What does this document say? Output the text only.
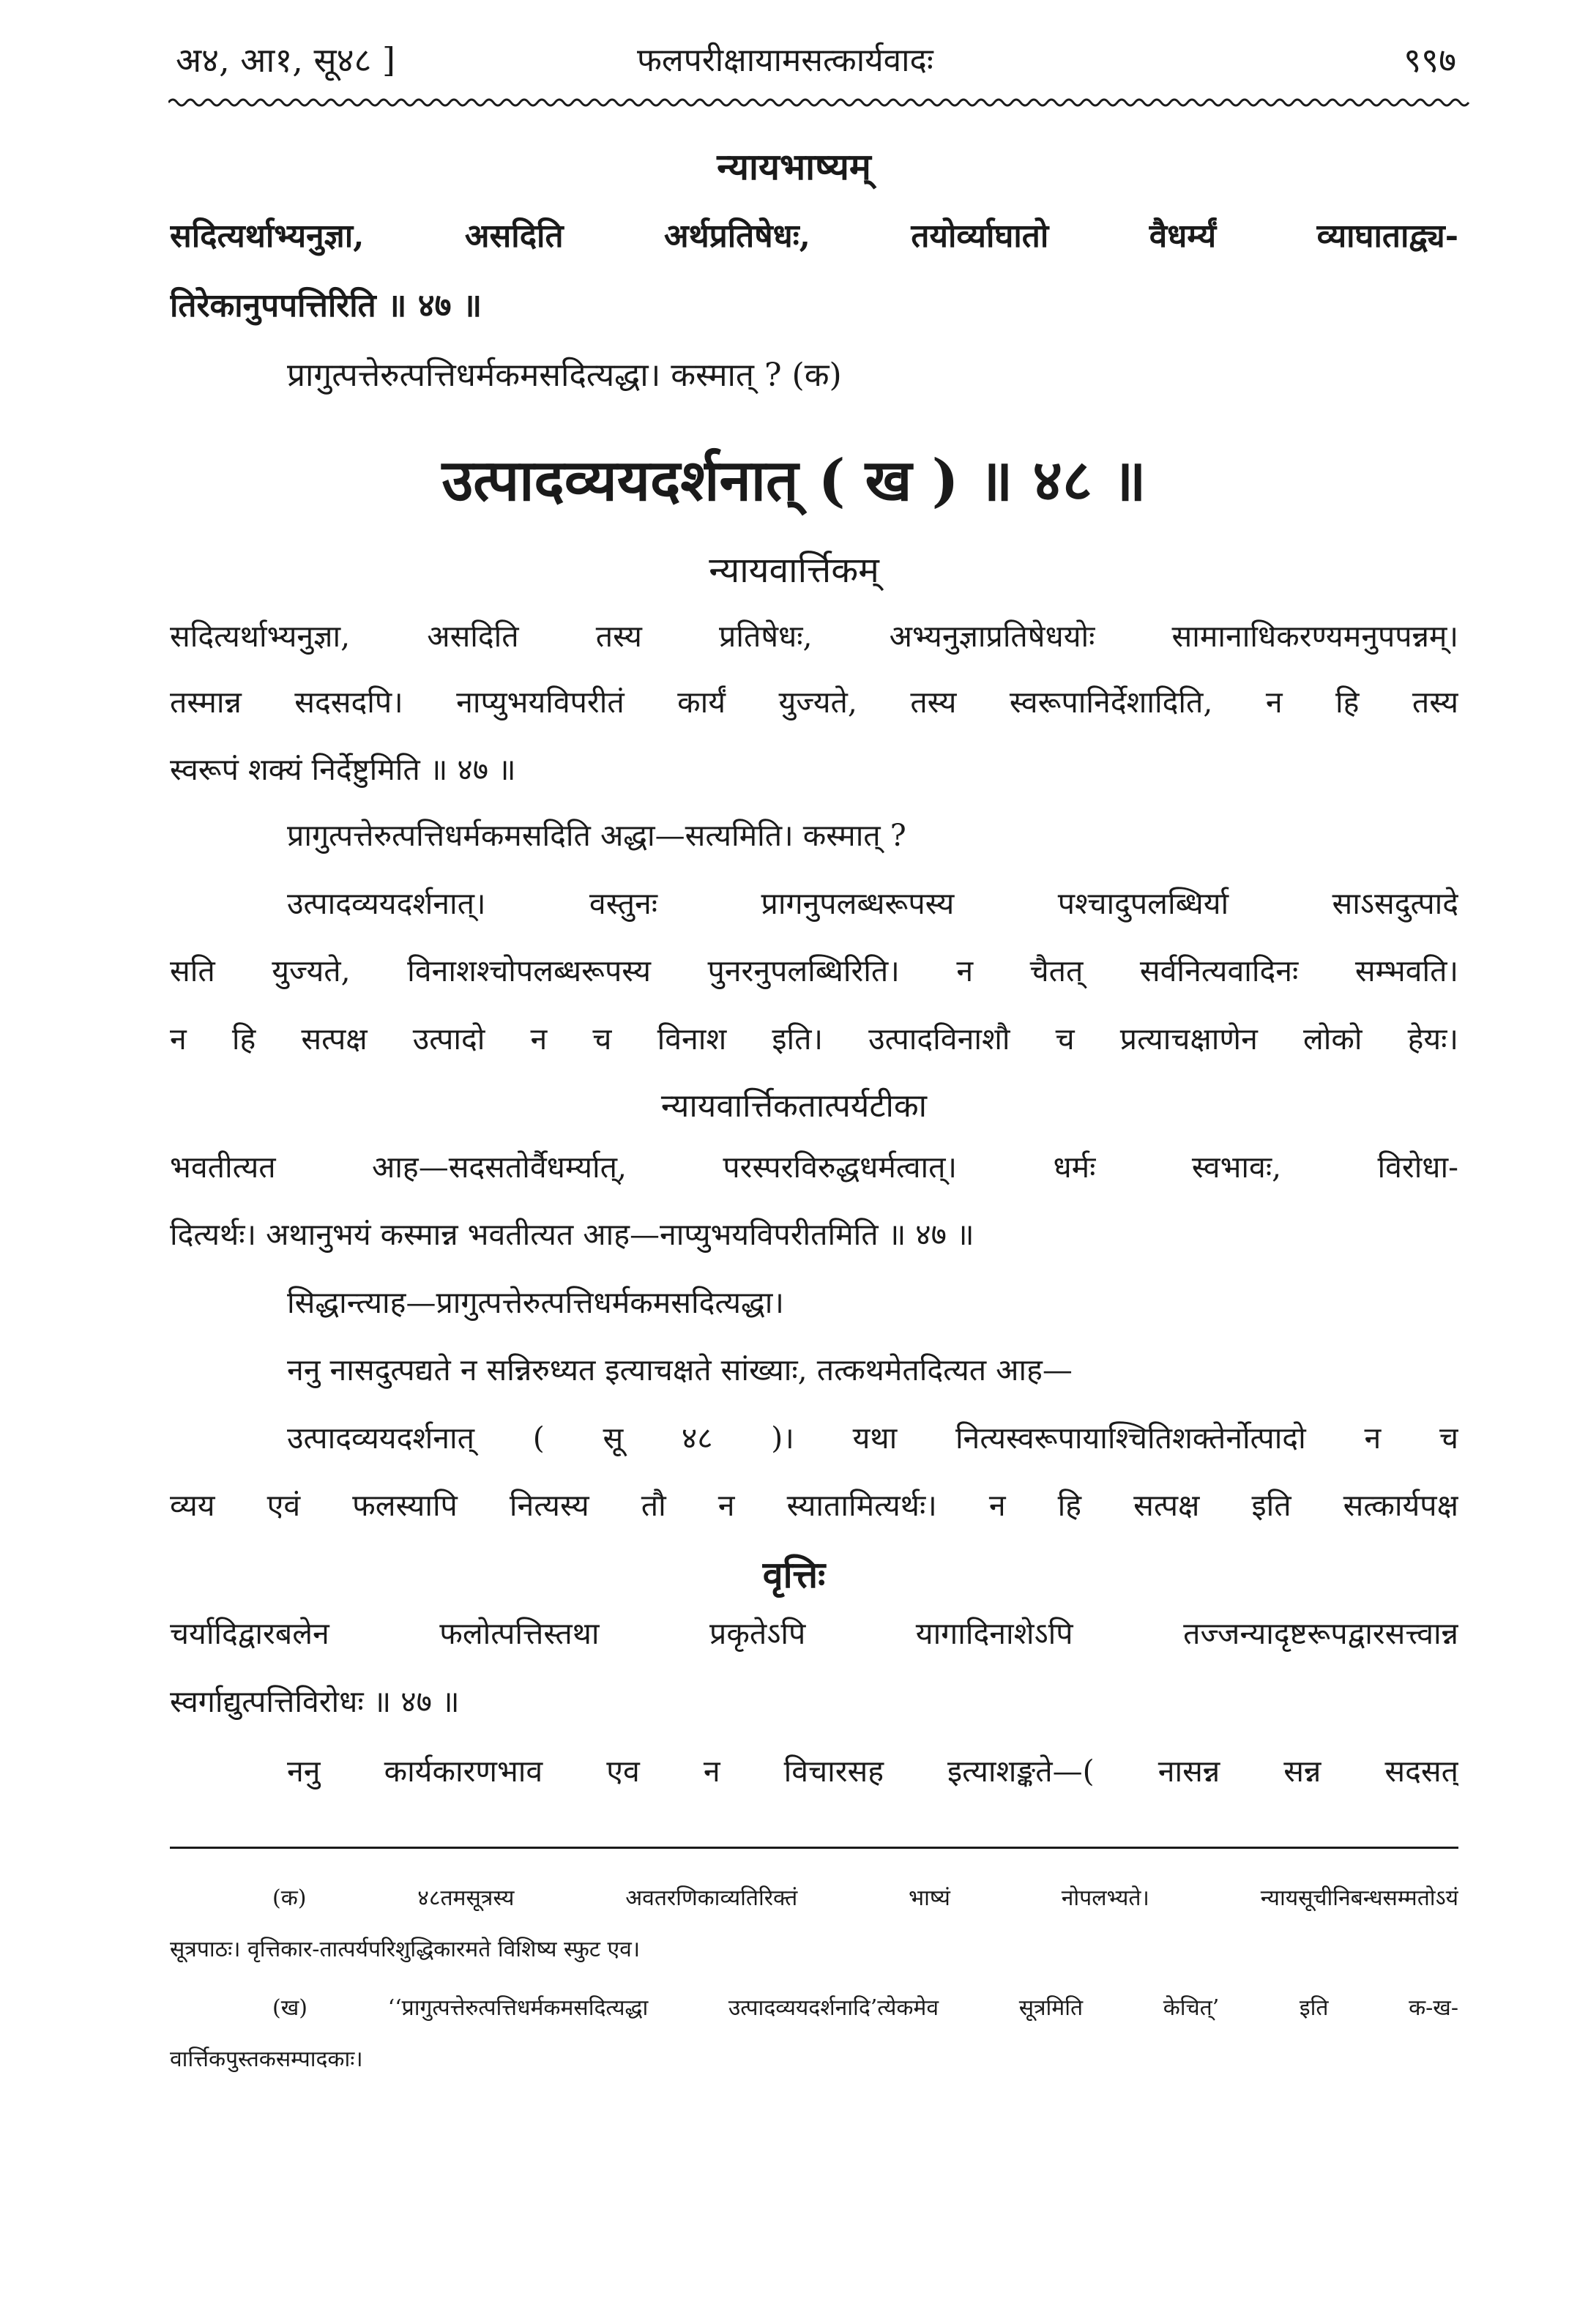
अ४, आ१, सू४८ ]	फलपरीक्षायामसत्कार्यवादः	९९७
न्यायभाष्यम्
सदित्यर्थाभ्यनुज्ञा, असदिति अर्थप्रतिषेधः, तयोर्व्याघातो वैधर्म्यं व्याघाताद्व्य-
तिरेकानुपपत्तिरिति ॥ ४७ ॥
प्रागुत्पत्तेरुत्पत्तिधर्मकमसदित्यद्धा। कस्मात् ? (क)
उत्पादव्ययदर्शनात् ( ख ) ॥ ४८ ॥
न्यायवार्त्तिकम्
सदित्यर्थाभ्यनुज्ञा, असदिति तस्य प्रतिषेधः, अभ्यनुज्ञाप्रतिषेधयोः सामानाधिकरण्यमनुपपन्नम्।
तस्मान्न सदसदपि। नाप्युभयविपरीतं कार्यं युज्यते, तस्य स्वरूपानिर्देशादिति, न हि तस्य
स्वरूपं शक्यं निर्देष्टुमिति ॥ ४७ ॥
प्रागुत्पत्तेरुत्पत्तिधर्मकमसदिति अद्धा—सत्यमिति। कस्मात् ?
उत्पादव्ययदर्शनात्। वस्तुनः प्रागनुपलब्धरूपस्य पश्चादुपलब्धिर्या साऽसदुत्पादे
सति युज्यते, विनाशश्चोपलब्धरूपस्य पुनरनुपलब्धिरिति। न चैतत् सर्वनित्यवादिनः सम्भवति।
न हि सत्पक्ष उत्पादो न च विनाश इति। उत्पादविनाशौ च प्रत्याचक्षाणेन लोको हेयः।
न्यायवार्त्तिकतात्पर्यटीका
भवतीत्यत आह—सदसतोर्वैधर्म्यात्, परस्परविरुद्धधर्मत्वात्। धर्मः स्वभावः, विरोधा-
दित्यर्थः। अथानुभयं कस्मान्न भवतीत्यत आह—नाप्युभयविपरीतमिति ॥ ४७ ॥
सिद्धान्त्याह—प्रागुत्पत्तेरुत्पत्तिधर्मकमसदित्यद्धा।
ननु नासदुत्पद्यते न सन्निरुध्यत इत्याचक्षते सांख्याः, तत्कथमेतदित्यत आह—
उत्पादव्ययदर्शनात् ( सू ४८ )। यथा नित्यस्वरूपायाश्चितिशक्तेर्नोत्पादो न च
व्यय एवं फलस्यापि नित्यस्य तौ न स्यातामित्यर्थः। न हि सत्पक्ष इति सत्कार्यपक्ष
वृत्तिः
चर्यादिद्वारबलेन फलोत्पत्तिस्तथा प्रकृतेऽपि यागादिनाशेऽपि तज्जन्यादृष्टरूपद्वारसत्त्वान्न
स्वर्गाद्युत्पत्तिविरोधः ॥ ४७ ॥
ननु कार्यकारणभाव एव न विचारसह इत्याशङ्कते—( नासन्न सन्न सदसत्
(क) ४८तमसूत्रस्य अवतरणिकाव्यतिरिक्तं भाष्यं नोपलभ्यते। न्यायसूचीनिबन्धसम्मतोऽयं
सूत्रपाठः। वृत्तिकार-तात्पर्यपरिशुद्धिकारमते विशिष्य स्फुट एव।
(ख) ‘‘प्रागुत्पत्तेरुत्पत्तिधर्मकमसदित्यद्धा उत्पादव्ययदर्शनादि’त्येकमेव सूत्रमिति केचित्’ इति क-ख-
वार्त्तिकपुस्तकसम्पादकाः।
